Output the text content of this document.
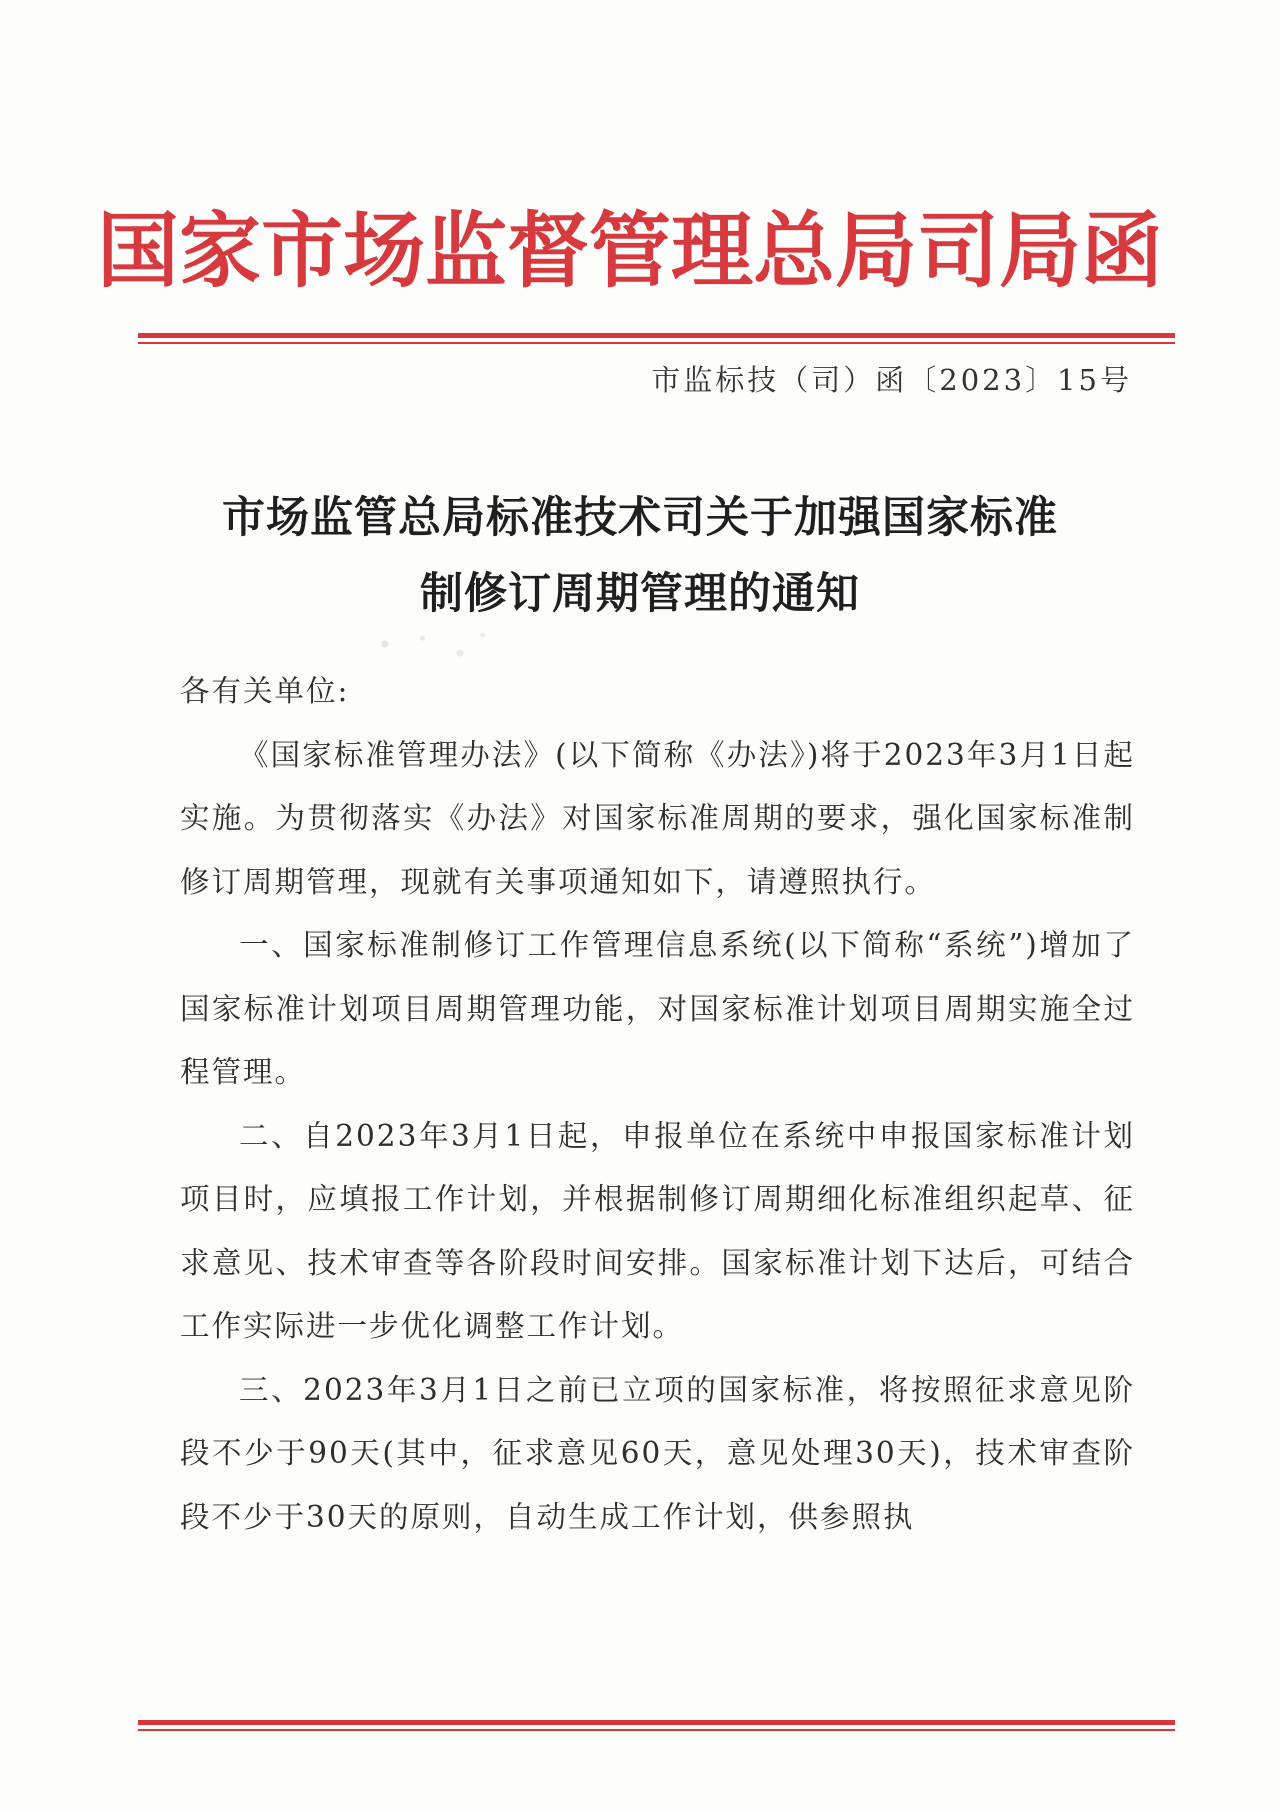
国家市场监督管理总局司局函
市监标技（司）函〔2023〕15号
市场监管总局标准技术司关于加强国家标准
制修订周期管理的通知

各有关单位:

《国家标准管理办法》(以下简称《办法》)将于2023年3月1日起实施。为贯彻落实《办法》对国家标准周期的要求，强化国家标准制修订周期管理，现就有关事项通知如下，请遵照执行。

一、国家标准制修订工作管理信息系统(以下简称“系统”)增加了国家标准计划项目周期管理功能，对国家标准计划项目周期实施全过程管理。

二、自2023年3月1日起，申报单位在系统中申报国家标准计划项目时，应填报工作计划，并根据制修订周期细化标准组织起草、征求意见、技术审查等各阶段时间安排。国家标准计划下达后，可结合工作实际进一步优化调整工作计划。

三、2023年3月1日之前已立项的国家标准，将按照征求意见阶段不少于90天(其中，征求意见60天，意见处理30天)，技术审查阶段不少于30天的原则，自动生成工作计划，供参照执
